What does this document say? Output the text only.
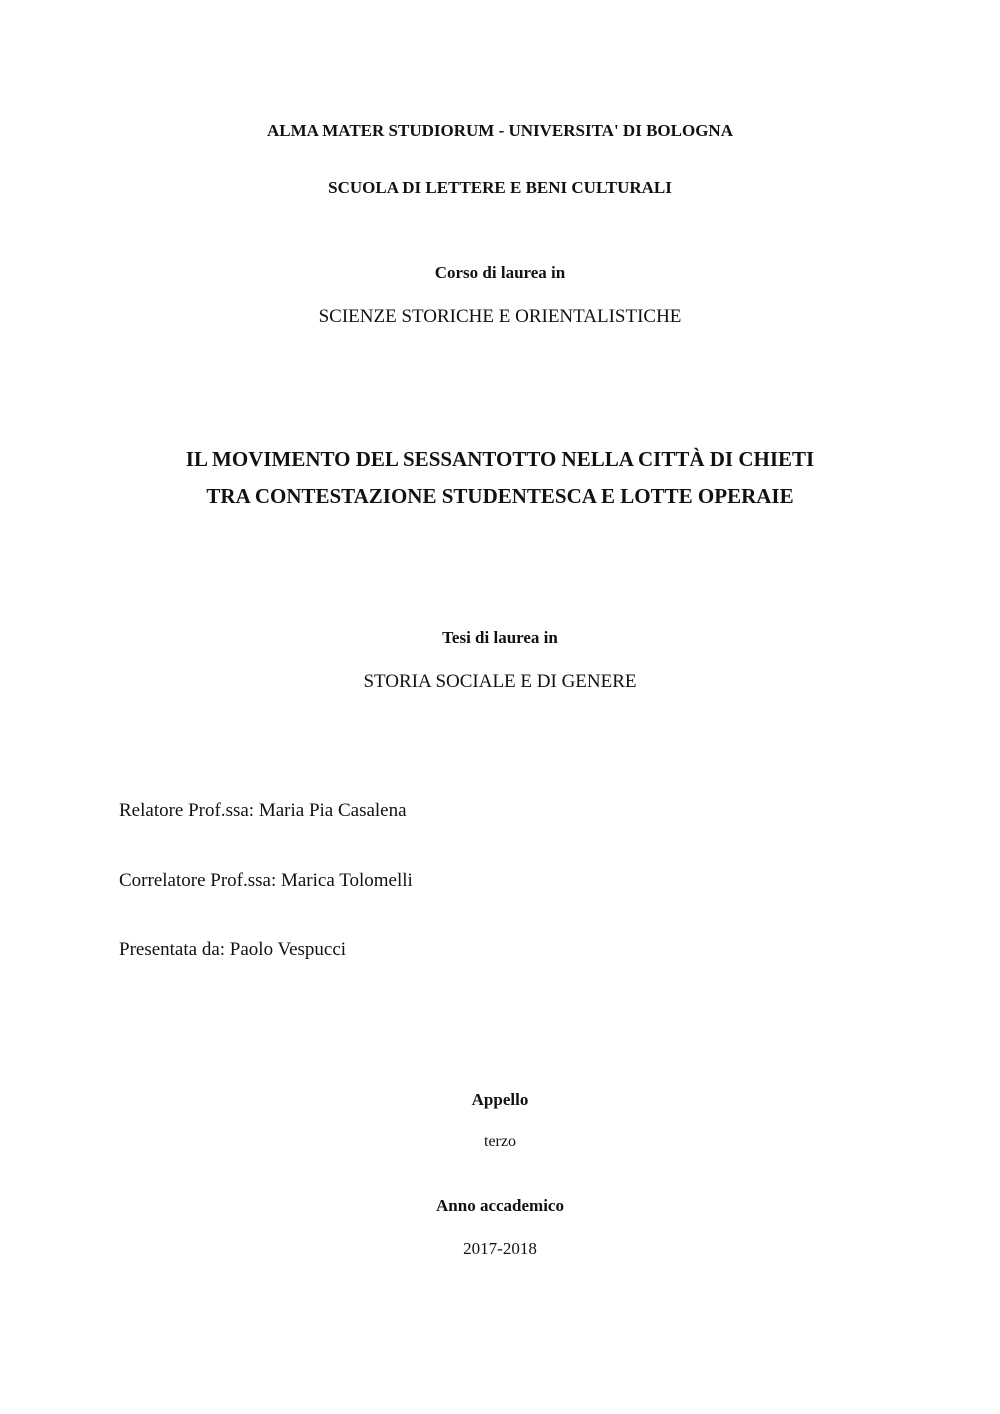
ALMA MATER STUDIORUM - UNIVERSITA' DI BOLOGNA
SCUOLA DI LETTERE E BENI CULTURALI
Corso di laurea in
SCIENZE STORICHE E ORIENTALISTICHE
IL MOVIMENTO DEL SESSANTOTTO NELLA CITTÀ DI CHIETI
TRA CONTESTAZIONE STUDENTESCA E LOTTE OPERAIE
Tesi di laurea in
STORIA SOCIALE E DI GENERE
Relatore Prof.ssa: Maria Pia Casalena
Correlatore Prof.ssa: Marica Tolomelli
Presentata da: Paolo Vespucci
Appello
terzo
Anno accademico
2017-2018
